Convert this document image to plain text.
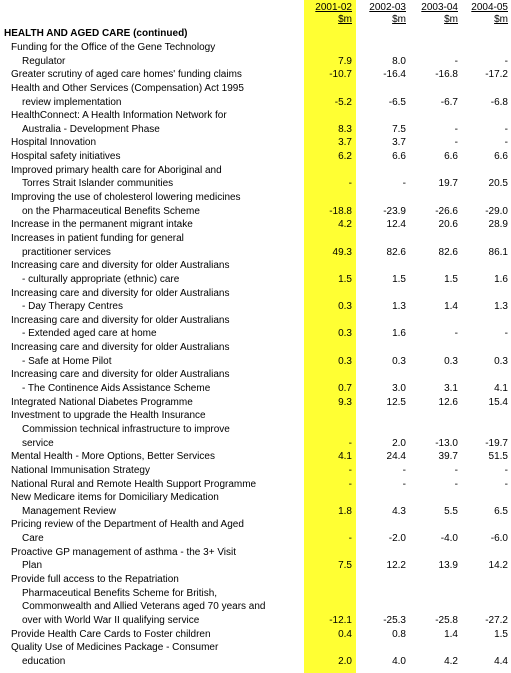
2001-02	2002-03	2003-04	2004-05
$m	$m	$m	$m
HEALTH AND AGED CARE (continued)
Funding for the Office of the Gene Technology
Regulator	7.9	8.0	-	-
Greater scrutiny of aged care homes' funding claims	-10.7	-16.4	-16.8	-17.2
Health and Other Services (Compensation) Act 1995
review implementation	-5.2	-6.5	-6.7	-6.8
HealthConnect: A Health Information Network for
Australia - Development Phase	8.3	7.5	-	-
Hospital Innovation	3.7	3.7	-	-
Hospital safety initiatives	6.2	6.6	6.6	6.6
Improved primary health care for Aboriginal and
Torres Strait Islander communities	-	-	19.7	20.5
Improving the use of cholesterol lowering medicines
on the Pharmaceutical Benefits Scheme	-18.8	-23.9	-26.6	-29.0
Increase in the permanent migrant intake	4.2	12.4	20.6	28.9
Increases in patient funding for general
practitioner services	49.3	82.6	82.6	86.1
Increasing care and diversity for older Australians
- culturally appropriate (ethnic) care	1.5	1.5	1.5	1.6
Increasing care and diversity for older Australians
- Day Therapy Centres	0.3	1.3	1.4	1.3
Increasing care and diversity for older Australians
- Extended aged care at home	0.3	1.6	-	-
Increasing care and diversity for older Australians
- Safe at Home Pilot	0.3	0.3	0.3	0.3
Increasing care and diversity for older Australians
- The Continence Aids Assistance Scheme	0.7	3.0	3.1	4.1
Integrated National Diabetes Programme	9.3	12.5	12.6	15.4
Investment to upgrade the Health Insurance
Commission technical infrastructure to improve
service	-	2.0	-13.0	-19.7
Mental Health - More Options, Better Services	4.1	24.4	39.7	51.5
National Immunisation Strategy	-	-	-	-
National Rural and Remote Health Support Programme	-	-	-	-
New Medicare items for Domiciliary Medication
Management Review	1.8	4.3	5.5	6.5
Pricing review of the Department of Health and Aged
Care	-	-2.0	-4.0	-6.0
Proactive GP management of asthma - the 3+ Visit
Plan	7.5	12.2	13.9	14.2
Provide full access to the Repatriation
Pharmaceutical Benefits Scheme for British,
Commonwealth and Allied Veterans aged 70 years and
over with World War II qualifying service	-12.1	-25.3	-25.8	-27.2
Provide Health Care Cards to Foster children	0.4	0.8	1.4	1.5
Quality Use of Medicines Package - Consumer
education	2.0	4.0	4.2	4.4
